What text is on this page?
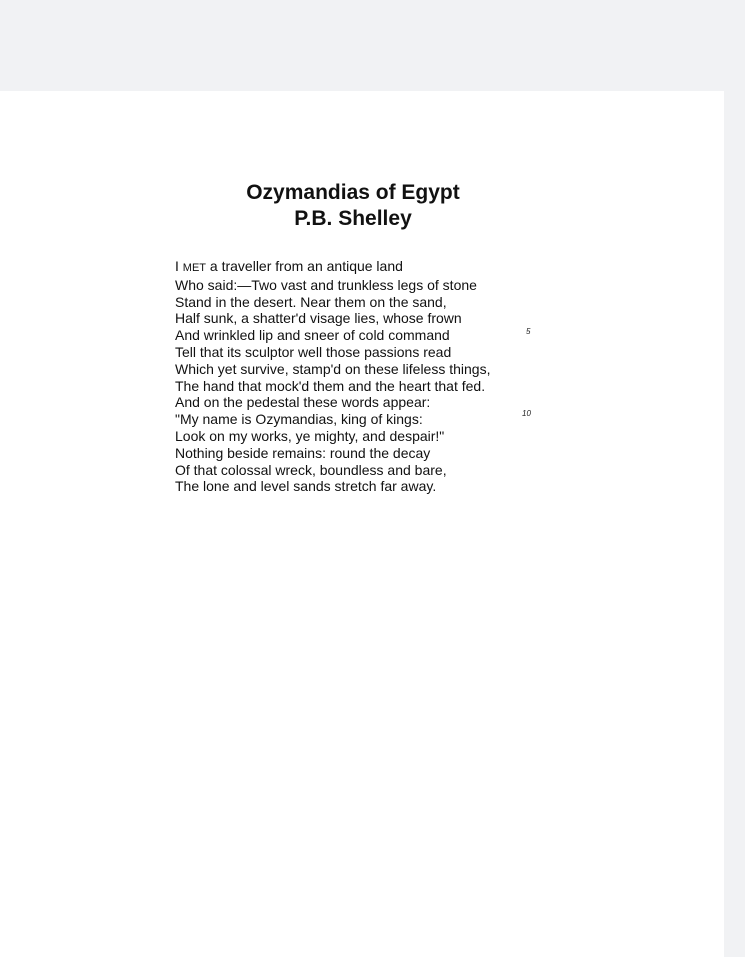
Ozymandias of Egypt
P.B. Shelley
I MET a traveller from an antique land
Who said:—Two vast and trunkless legs of stone
Stand in the desert. Near them on the sand,
Half sunk, a shatter'd visage lies, whose frown
And wrinkled lip and sneer of cold command
Tell that its sculptor well those passions read
Which yet survive, stamp'd on these lifeless things,
The hand that mock'd them and the heart that fed.
And on the pedestal these words appear:
"My name is Ozymandias, king of kings:
Look on my works, ye mighty, and despair!"
Nothing beside remains: round the decay
Of that colossal wreck, boundless and bare,
The lone and level sands stretch far away.
5
10
